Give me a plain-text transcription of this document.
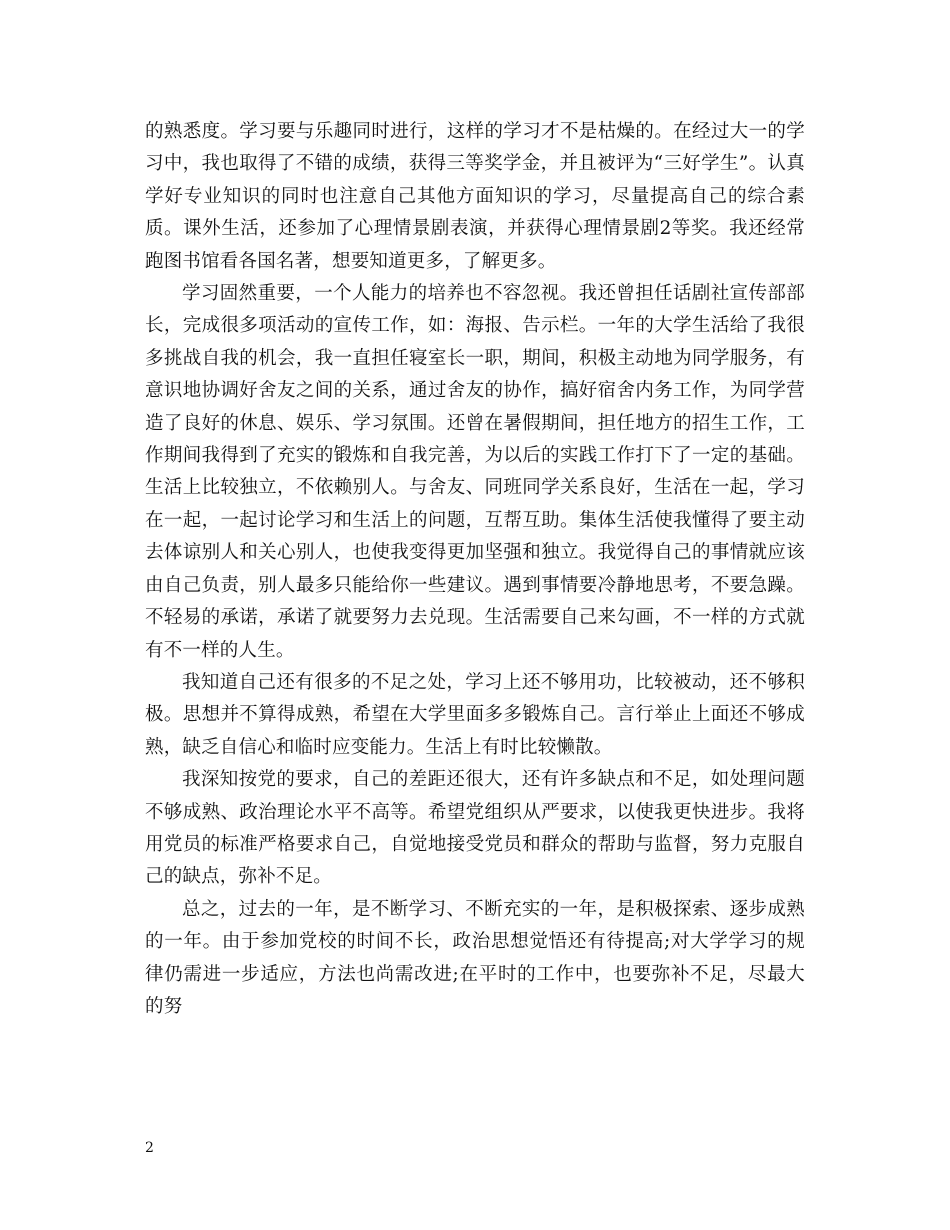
的熟悉度。学习要与乐趣同时进行，这样的学习才不是枯燥的。在经过大一的学习中，我也取得了不错的成绩，获得三等奖学金，并且被评为“三好学生”。认真学好专业知识的同时也注意自己其他方面知识的学习，尽量提高自己的综合素质。课外生活，还参加了心理情景剧表演，并获得心理情景剧2等奖。我还经常跑图书馆看各国名著，想要知道更多，了解更多。

学习固然重要，一个人能力的培养也不容忽视。我还曾担任话剧社宣传部部长，完成很多项活动的宣传工作，如：海报、告示栏。一年的大学生活给了我很多挑战自我的机会，我一直担任寝室长一职，期间，积极主动地为同学服务，有意识地协调好舍友之间的关系，通过舍友的协作，搞好宿舍内务工作，为同学营造了良好的休息、娱乐、学习氛围。还曾在暑假期间，担任地方的招生工作，工作期间我得到了充实的锻炼和自我完善，为以后的实践工作打下了一定的基础。生活上比较独立，不依赖别人。与舍友、同班同学关系良好，生活在一起，学习在一起，一起讨论学习和生活上的问题，互帮互助。集体生活使我懂得了要主动去体谅别人和关心别人，也使我变得更加坚强和独立。我觉得自己的事情就应该由自己负责，别人最多只能给你一些建议。遇到事情要冷静地思考，不要急躁。不轻易的承诺，承诺了就要努力去兑现。生活需要自己来勾画，不一样的方式就有不一样的人生。

我知道自己还有很多的不足之处，学习上还不够用功，比较被动，还不够积极。思想并不算得成熟，希望在大学里面多多锻炼自己。言行举止上面还不够成熟，缺乏自信心和临时应变能力。生活上有时比较懒散。

我深知按党的要求，自己的差距还很大，还有许多缺点和不足，如处理问题不够成熟、政治理论水平不高等。希望党组织从严要求，以使我更快进步。我将用党员的标准严格要求自己，自觉地接受党员和群众的帮助与监督，努力克服自己的缺点，弥补不足。

总之，过去的一年，是不断学习、不断充实的一年，是积极探索、逐步成熟的一年。由于参加党校的时间不长，政治思想觉悟还有待提高;对大学学习的规律仍需进一步适应，方法也尚需改进;在平时的工作中，也要弥补不足，尽最大的努

2
